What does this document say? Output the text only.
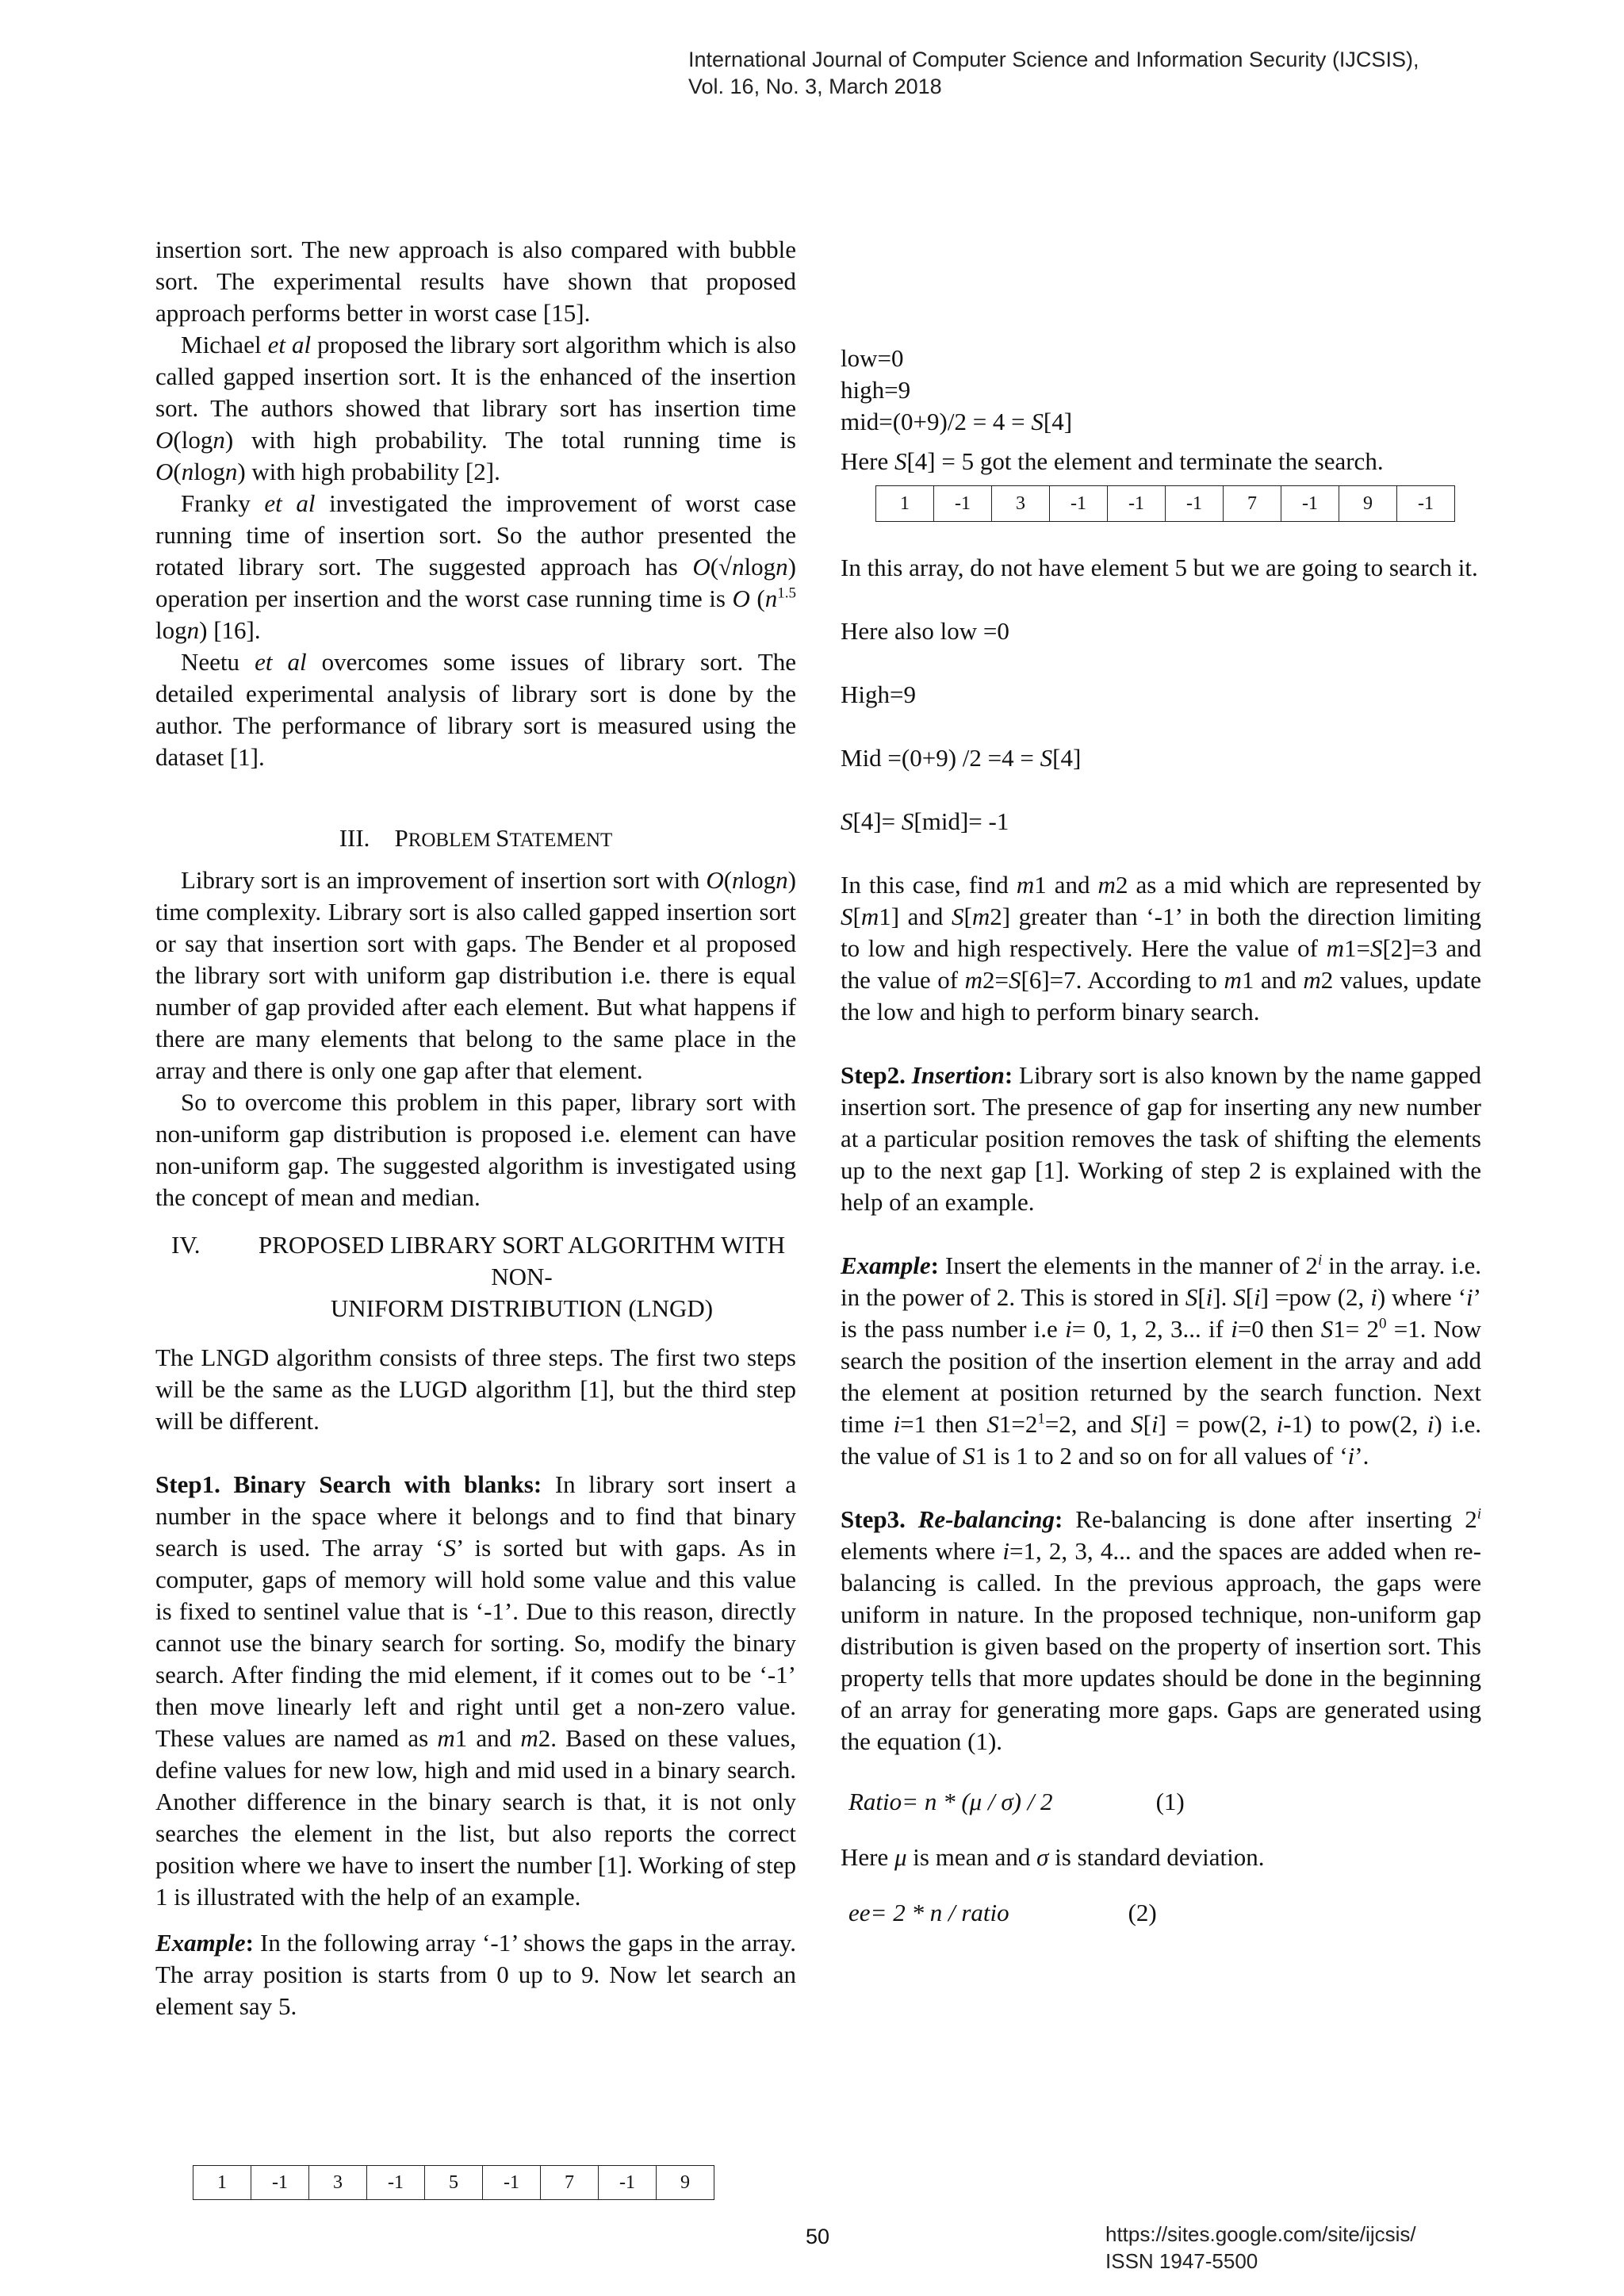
International Journal of Computer Science and Information Security (IJCSIS),
Vol. 16, No. 3, March 2018

insertion sort. The new approach is also compared with bubble sort. The experimental results have shown that proposed approach performs better in worst case [15].

Michael et al proposed the library sort algorithm which is also called gapped insertion sort. It is the enhanced of the insertion sort. The authors showed that library sort has insertion time O(logn) with high probability. The total running time is O(nlogn) with high probability [2].

Franky et al investigated the improvement of worst case running time of insertion sort. So the author presented the rotated library sort. The suggested approach has O(√nlogn) operation per insertion and the worst case running time is O ($n^{1.5}$ logn) [16].

Neetu et al overcomes some issues of library sort. The detailed experimental analysis of library sort is done by the author. The performance of library sort is measured using the dataset [1].

III. PROBLEM STATEMENT

Library sort is an improvement of insertion sort with O(nlogn) time complexity. Library sort is also called gapped insertion sort or say that insertion sort with gaps. The Bender et al proposed the library sort with uniform gap distribution i.e. there is equal number of gap provided after each element. But what happens if there are many elements that belong to the same place in the array and there is only one gap after that element.

So to overcome this problem in this paper, library sort with non-uniform gap distribution is proposed i.e. element can have non-uniform gap. The suggested algorithm is investigated using the concept of mean and median.

IV.	PROPOSED LIBRARY SORT ALGORITHM WITH NON-
UNIFORM DISTRIBUTION (LNGD)

The LNGD algorithm consists of three steps. The first two steps will be the same as the LUGD algorithm [1], but the third step will be different.

Step1. Binary Search with blanks: In library sort insert a number in the space where it belongs and to find that binary search is used. The array ‘S’ is sorted but with gaps. As in computer, gaps of memory will hold some value and this value is fixed to sentinel value that is ‘-1’. Due to this reason, directly cannot use the binary search for sorting. So, modify the binary search. After finding the mid element, if it comes out to be ‘-1’ then move linearly left and right until get a non-zero value. These values are named as m1 and m2. Based on these values, define values for new low, high and mid used in a binary search. Another difference in the binary search is that, it is not only searches the element in the list, but also reports the correct position where we have to insert the number [1]. Working of step 1 is illustrated with the help of an example.

Example: In the following array ‘-1’ shows the gaps in the array. The array position is starts from 0 up to 9. Now let search an element say 5.

1	-1	3	-1	5	-1	7	-1	9

low=0

high=9

mid=(0+9)/2 = 4 = S[4]

Here S[4] = 5 got the element and terminate the search.

1	-1	3	-1	-1	-1	7	-1	9	-1

In this array, do not have element 5 but we are going to search it.

Here also low =0

High=9

Mid =(0+9) /2 =4 = S[4]

S[4]= S[mid]= -1

In this case, find m1 and m2 as a mid which are represented by S[m1] and S[m2] greater than ‘-1’ in both the direction limiting to low and high respectively. Here the value of m1=S[2]=3 and the value of m2=S[6]=7. According to m1 and m2 values, update the low and high to perform binary search.

Step2. Insertion: Library sort is also known by the name gapped insertion sort. The presence of gap for inserting any new number at a particular position removes the task of shifting the elements up to the next gap [1]. Working of step 2 is explained with the help of an example.

Example: Insert the elements in the manner of 2$^i$ in the array. i.e. in the power of 2. This is stored in S[i]. S[i] =pow (2, i) where ‘i’ is the pass number i.e i= 0, 1, 2, 3... if i=0 then $S1= 2^0 =1$. Now search the position of the insertion element in the array and add the element at position returned by the search function. Next time i=1 then $S1=2^1=2$, and S[i] = pow(2, i-1) to pow(2, i) i.e. the value of S1 is 1 to 2 and so on for all values of ‘i’.

Step3. Re-balancing: Re-balancing is done after inserting 2$^i$ elements where i=1, 2, 3, 4... and the spaces are added when re-balancing is called. In the previous approach, the gaps were uniform in nature. In the proposed technique, non-uniform gap distribution is given based on the property of insertion sort. This property tells that more updates should be done in the beginning of an array for generating more gaps. Gaps are generated using the equation (1).

Ratio = n * (μ / σ) / 2	(1)

Here μ is mean and σ is standard deviation.

ee = 2 * n / ratio	(2)
50	https://sites.google.com/site/ijcsis/
ISSN 1947-5500
